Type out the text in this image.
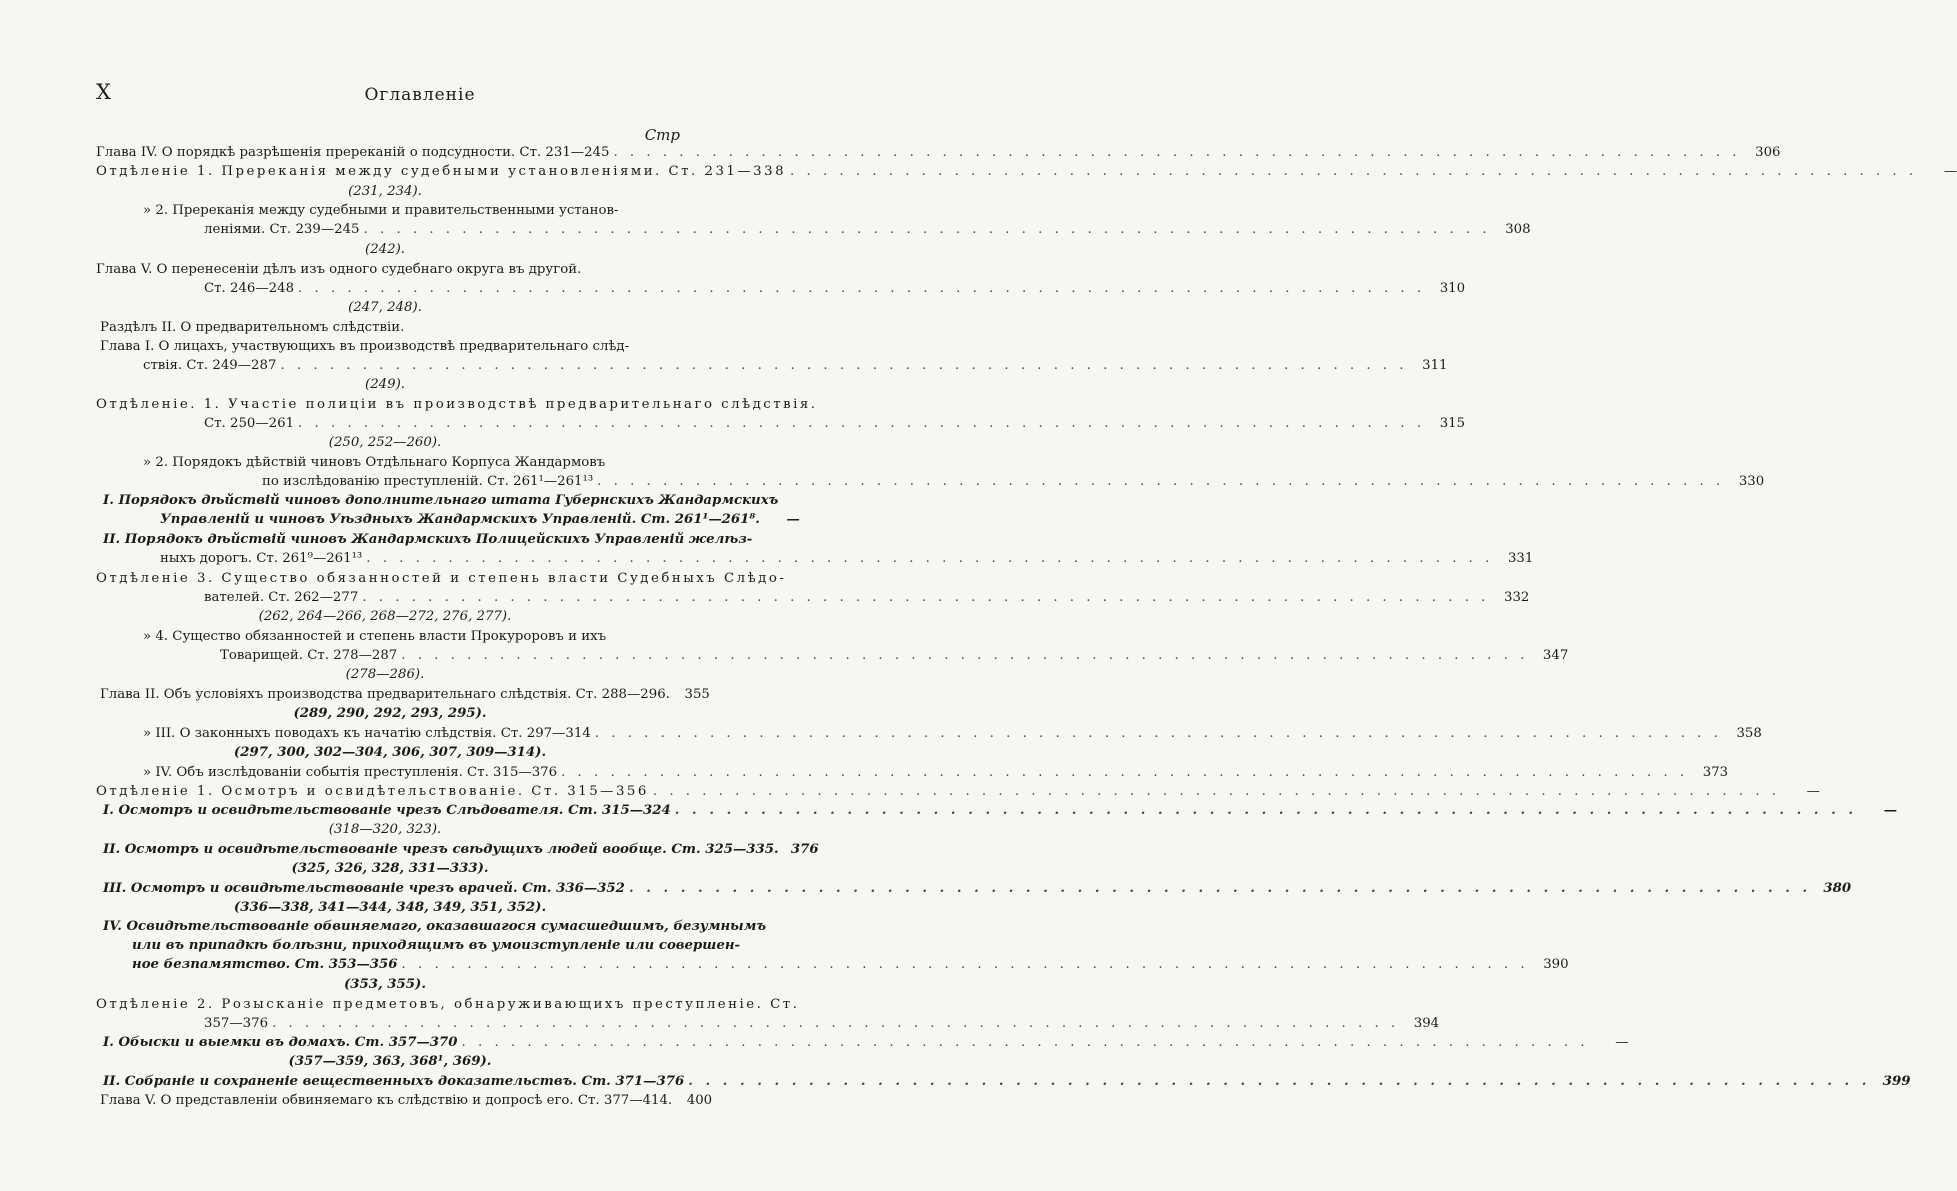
X	Оглавленіе
Стр
Глава IV. О порядкѣ разрѣшенія пререканій о подсудности. Ст. 231—245 . . .	306
Отдѣленіе 1. Пререканія между судебными установленіями. Ст. 231—338 . . .	—
(231, 234).
» 2. Пререканія между судебными и правительственными установ-
леніями. Ст. 239—245 . . .	308
(242).
Глава V. О перенесеніи дѣлъ изъ одного судебнаго округа въ другой.
Ст. 246—248 . . .	310
(247, 248).
Раздѣлъ II. О предварительномъ слѣдствіи.
Глава I. О лицахъ, участвующихъ въ производствѣ предварительнаго слѣд-
ствія. Ст. 249—287 . . .	311
(249).
Отдѣленіе. 1. Участіе полиціи въ производствѣ предварительнаго слѣдствія.
Ст. 250—261 . . .	315
(250, 252—260).
» 2. Порядокъ дѣйствій чиновъ Отдѣльнаго Корпуса Жандармовъ
по изслѣдованію преступленій. Ст. 261¹—261¹³ . . .	330
I. Порядокъ дѣйствій чиновъ дополнительнаго штата Губернскихъ Жандармскихъ
Управленій и чиновъ Уѣздныхъ Жандармскихъ Управленій. Ст. 261¹—261⁸.	—
II. Порядокъ дѣйствій чиновъ Жандармскихъ Полицейскихъ Управленій желѣз-
ныхъ дорогъ. Ст. 261⁹—261¹³ . . .	331
Отдѣленіе 3. Существо обязанностей и степень власти Судебныхъ Слѣдо-
вателей. Ст. 262—277 . . .	332
(262, 264—266, 268—272, 276, 277).
» 4. Существо обязанностей и степень власти Прокуроровъ и ихъ
Товарищей. Ст. 278—287 . . .	347
(278—286).
Глава II. Объ условіяхъ производства предварительнаго слѣдствія. Ст. 288—296.	355
(289, 290, 292, 293, 295).
» III. О законныхъ поводахъ къ начатію слѣдствія. Ст. 297—314 . . .	358
(297, 300, 302—304, 306, 307, 309—314).
» IV. Объ изслѣдованіи событія преступленія. Ст. 315—376 . . .	373
Отдѣленіе 1. Осмотръ и освидѣтельствованіе. Ст. 315—356 . . .	—
I. Осмотръ и освидѣтельствованіе чрезъ Слѣдователя. Ст. 315—324 . . .	—
(318—320, 323).
II. Осмотръ и освидѣтельствованіе чрезъ свѣдущихъ людей вообще. Ст. 325—335. 376
(325, 326, 328, 331—333).
III. Осмотръ и освидѣтельствованіе чрезъ врачей. Ст. 336—352 . . .	380
(336—338, 341—344, 348, 349, 351, 352).
IV. Освидѣтельствованіе обвиняемаго, оказавшагося сумасшедшимъ, безумнымъ
или въ припадкѣ болѣзни, приходящимъ въ умоизступленіе или совершен-
ное безпамятство. Ст. 353—356 . . .	390
(353, 355).
Отдѣленіе 2. Розысканіе предметовъ, обнаруживающихъ преступленіе. Ст.
357—376 . . .	394
I. Обыски и выемки въ домахъ. Ст. 357—370 . . .	—
(357—359, 363, 368¹, 369).
II. Собраніе и сохраненіе вещественныхъ доказательствъ. Ст. 371—376 . . .	399
Глава V. О представленіи обвиняемаго къ слѣдствію и допросѣ его. Ст. 377—414.	400
